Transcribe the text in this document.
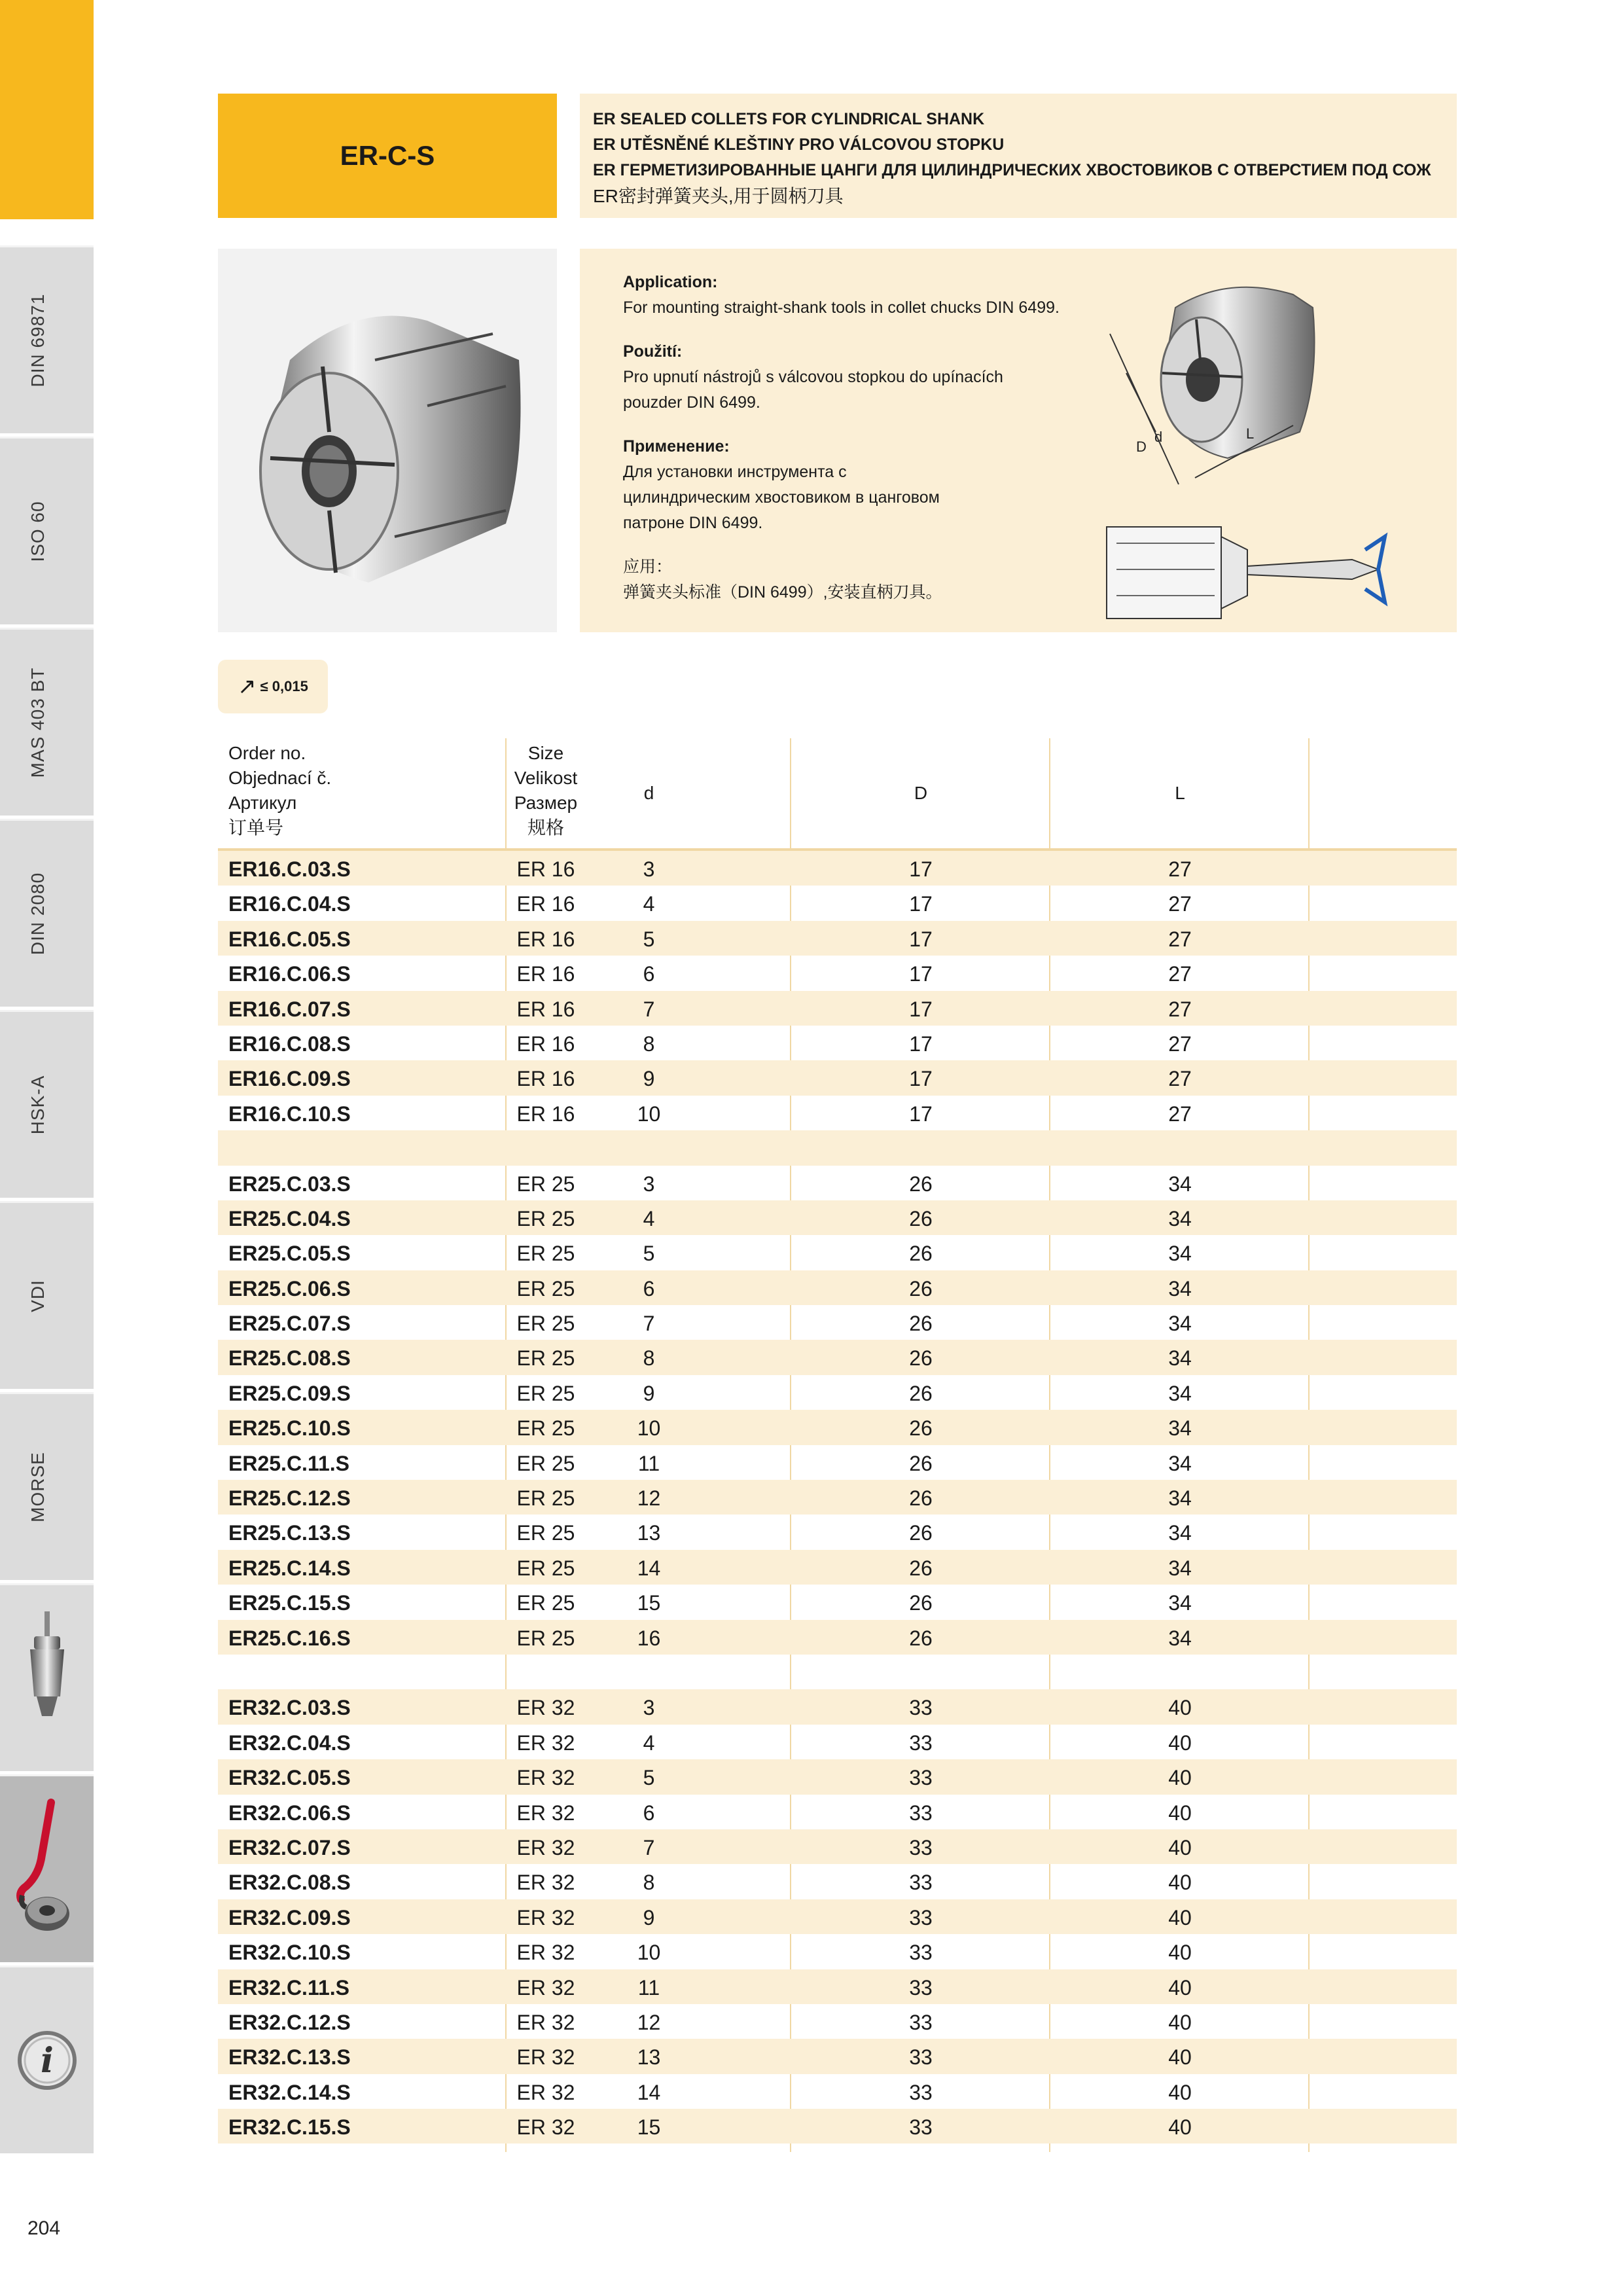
DIN 69871
ISO 60
MAS 403 BT
DIN 2080
HSK-A
VDI
MORSE
i
204
ER-C-S
ER SEALED COLLETS FOR CYLINDRICAL SHANK
ER UTĚSNĚNÉ KLEŠTINY PRO VÁLCOVOU STOPKU
ER ГЕРМЕТИЗИРОВАННЫЕ ЦАНГИ ДЛЯ ЦИЛИНДРИЧЕСКИХ ХВОСТОВИКОВ С ОТВЕРСТИЕМ ПОД СОЖ
ER密封弹簧夹头,用于圆柄刀具
Application:
For mounting straight-shank tools in collet chucks DIN 6499.
Použití:
Pro upnutí nástrojů s válcovou stopkou do upínacích
pouzder DIN 6499.
Применение:
Для установки инструмента с
цилиндрическим хвостовиком в цанговом
патроне DIN 6499.
应用：
弹簧夹头标准（DIN 6499）,安装直柄刀具。
D
d	L
↗ ≤ 0,015
Order no.
Objednací č.
Артикул
订单号
Size
Velikost
Размер
规格
d	D	L
ER16.C.03.S	ER 16	3	17	27
ER16.C.04.S	ER 16	4	17	27
ER16.C.05.S	ER 16	5	17	27
ER16.C.06.S	ER 16	6	17	27
ER16.C.07.S	ER 16	7	17	27
ER16.C.08.S	ER 16	8	17	27
ER16.C.09.S	ER 16	9	17	27
ER16.C.10.S	ER 16	10	17	27
ER25.C.03.S	ER 25	3	26	34
ER25.C.04.S	ER 25	4	26	34
ER25.C.05.S	ER 25	5	26	34
ER25.C.06.S	ER 25	6	26	34
ER25.C.07.S	ER 25	7	26	34
ER25.C.08.S	ER 25	8	26	34
ER25.C.09.S	ER 25	9	26	34
ER25.C.10.S	ER 25	10	26	34
ER25.C.11.S	ER 25	11	26	34
ER25.C.12.S	ER 25	12	26	34
ER25.C.13.S	ER 25	13	26	34
ER25.C.14.S	ER 25	14	26	34
ER25.C.15.S	ER 25	15	26	34
ER25.C.16.S	ER 25	16	26	34
ER32.C.03.S	ER 32	3	33	40
ER32.C.04.S	ER 32	4	33	40
ER32.C.05.S	ER 32	5	33	40
ER32.C.06.S	ER 32	6	33	40
ER32.C.07.S	ER 32	7	33	40
ER32.C.08.S	ER 32	8	33	40
ER32.C.09.S	ER 32	9	33	40
ER32.C.10.S	ER 32	10	33	40
ER32.C.11.S	ER 32	11	33	40
ER32.C.12.S	ER 32	12	33	40
ER32.C.13.S	ER 32	13	33	40
ER32.C.14.S	ER 32	14	33	40
ER32.C.15.S	ER 32	15	33	40
